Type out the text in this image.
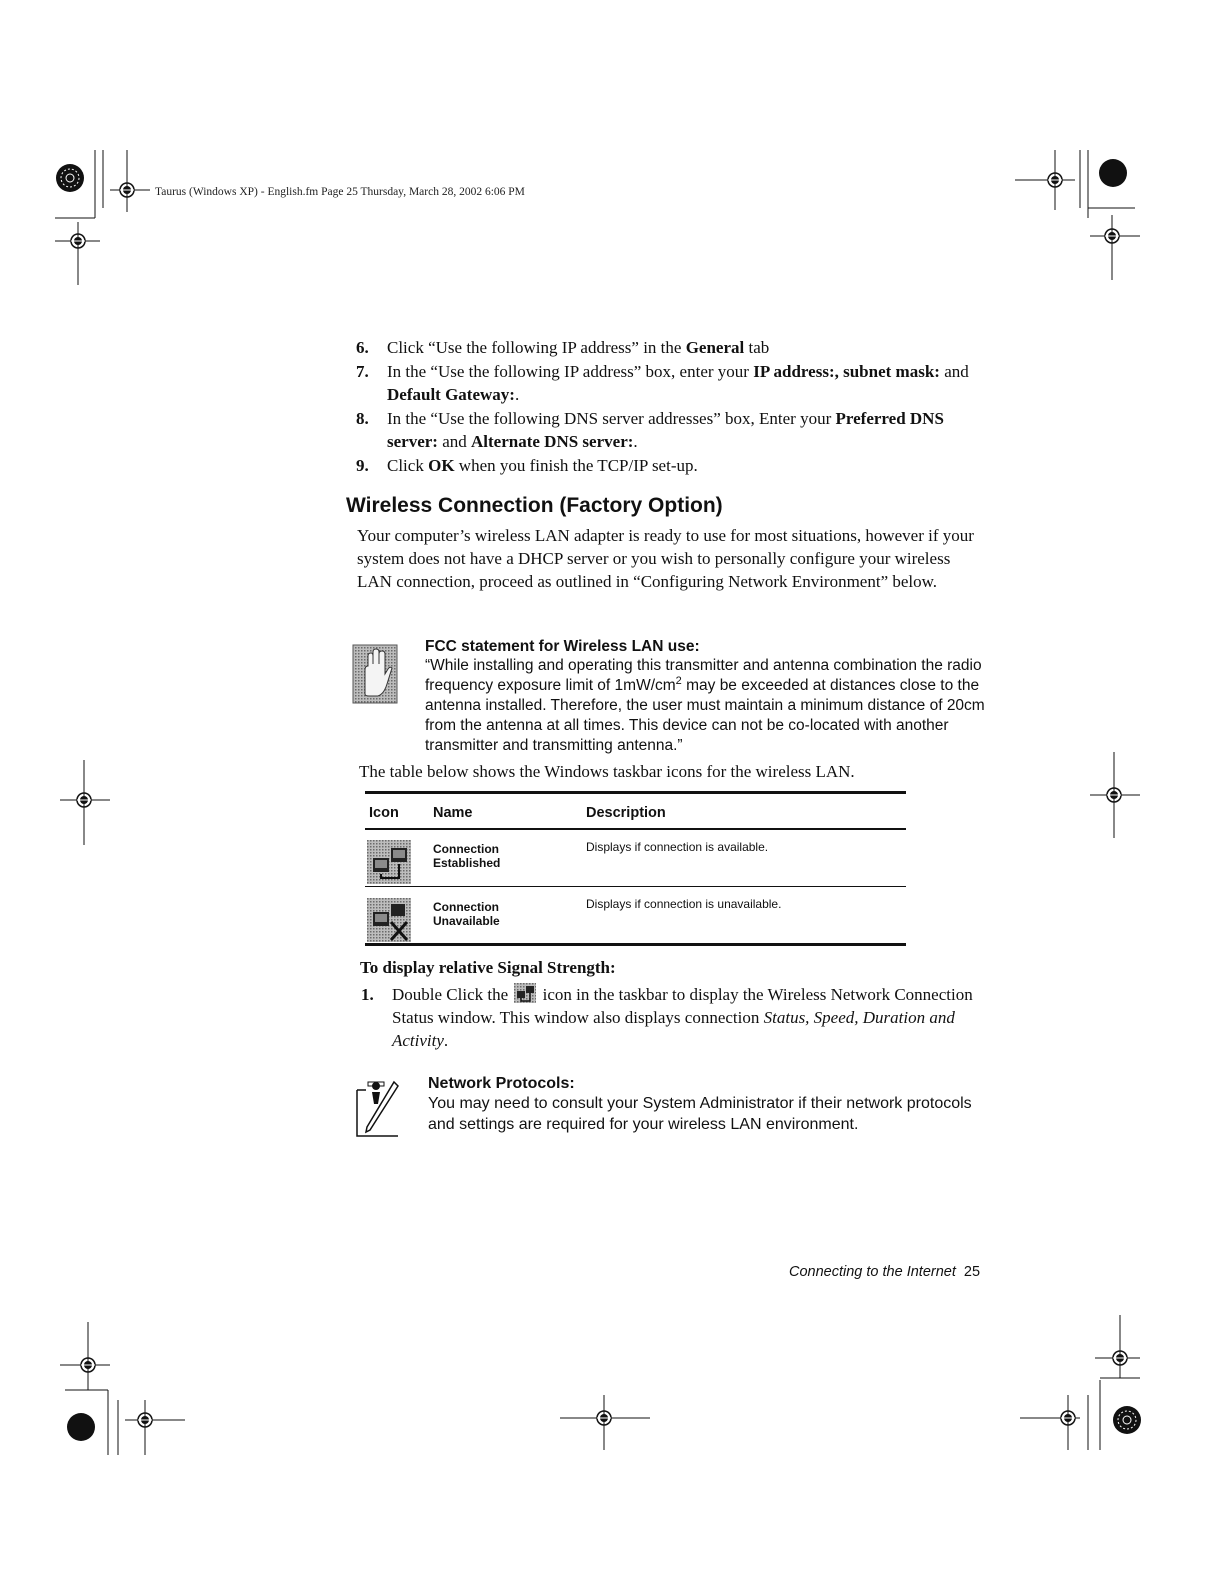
Taurus (Windows XP) - English.fm Page 25 Thursday, March 28, 2002 6:06 PM
6. Click “Use the following IP address” in the General tab
7. In the “Use the following IP address” box, enter your IP address:, subnet mask: and Default Gateway:.
8. In the “Use the following DNS server addresses” box, Enter your Preferred DNS server: and Alternate DNS server:.
9. Click OK when you finish the TCP/IP set-up.
Wireless Connection (Factory Option)

Your computer’s wireless LAN adapter is ready to use for most situations, however if your system does not have a DHCP server or you wish to personally configure your wireless LAN connection, proceed as outlined in “Configuring Network Environment” below.

FCC statement for Wireless LAN use:

“While installing and operating this transmitter and antenna combination the radio frequency exposure limit of $1mW/cm^2$ may be exceeded at distances close to the antenna installed. Therefore, the user must maintain a minimum distance of 20cm from the antenna at all times. This device can not be co-located with another transmitter and transmitting antenna.”

The table below shows the Windows taskbar icons for the wireless LAN.

Icon Name	Description
Connection Established
Displays if connection is available.
Connection Unavailable
Displays if connection is unavailable.
To display relative Signal Strength:
1.	Double Click the  icon in the taskbar to display the Wireless Network Connection Status window. This window also displays connection Status, Speed, Duration and Activity.
Network Protocols:

You may need to consult your System Administrator if their network protocols and settings are required for your wireless LAN environment.

Connecting to the Internet 25
